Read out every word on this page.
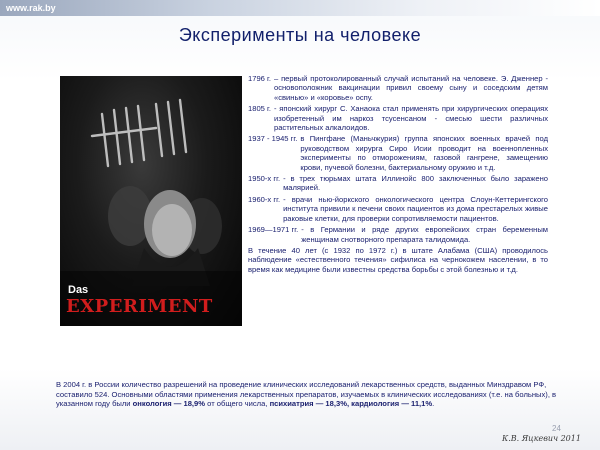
www.rak.by
Эксперименты на человеке
Das
EXPERIMENT
1796 г. – первый протоколированный случай испытаний на человеке. Э. Дженнер - основоположник вакцинации привил своему сыну и соседским детям «свинью» и «коровье» оспу.
1805 г. - японский хирург С. Ханаока стал применять при хирургических операциях изобретенный им наркоз тсусенсаном - смесью шести различных растительных алкалоидов.
1937 - 1945 гг. в Пингфане (Маньчжурия) группа японских военных врачей под руководством хирурга Сиро Исии проводит на военнопленных эксперименты по отморожениям, газовой гангрене, замещению крови, пучевой болезни, бактериальному оружию и т.д.
1950-х гг. - в трех тюрьмах штата Иллинойс 800 заключенных было заражено малярией.
1960-х гг. - врачи нью-йоркского онкологического центра Слоун-Кеттерингского института привили к печени своих пациентов из дома престарелых живые раковые клетки, для проверки сопротивляемости пациентов.
1969—1971 гг. - в Германии и ряде других европейских стран беременным женщинам снотворного препарата талидомида.
В течение 40 лет (с 1932 по 1972 г.) в штате Алабама (США) проводилось наблюдение «естественного течения» сифилиса на чернокожем населении, в то время как медицине были известны средства борьбы с этой болезнью и т.д.
В 2004 г. в России количество разрешений на проведение клинических исследований лекарственных средств, выданных Минздравом РФ, составило 524. Основными областями применения лекарственных препаратов, изучаемых в клинических исследованиях (т.е. на больных), в указанном году были онкология — 18,9% от общего числа, психиатрия — 18,3%, кардиология — 11,1%.
24
К.В. Яцкевич 2011
